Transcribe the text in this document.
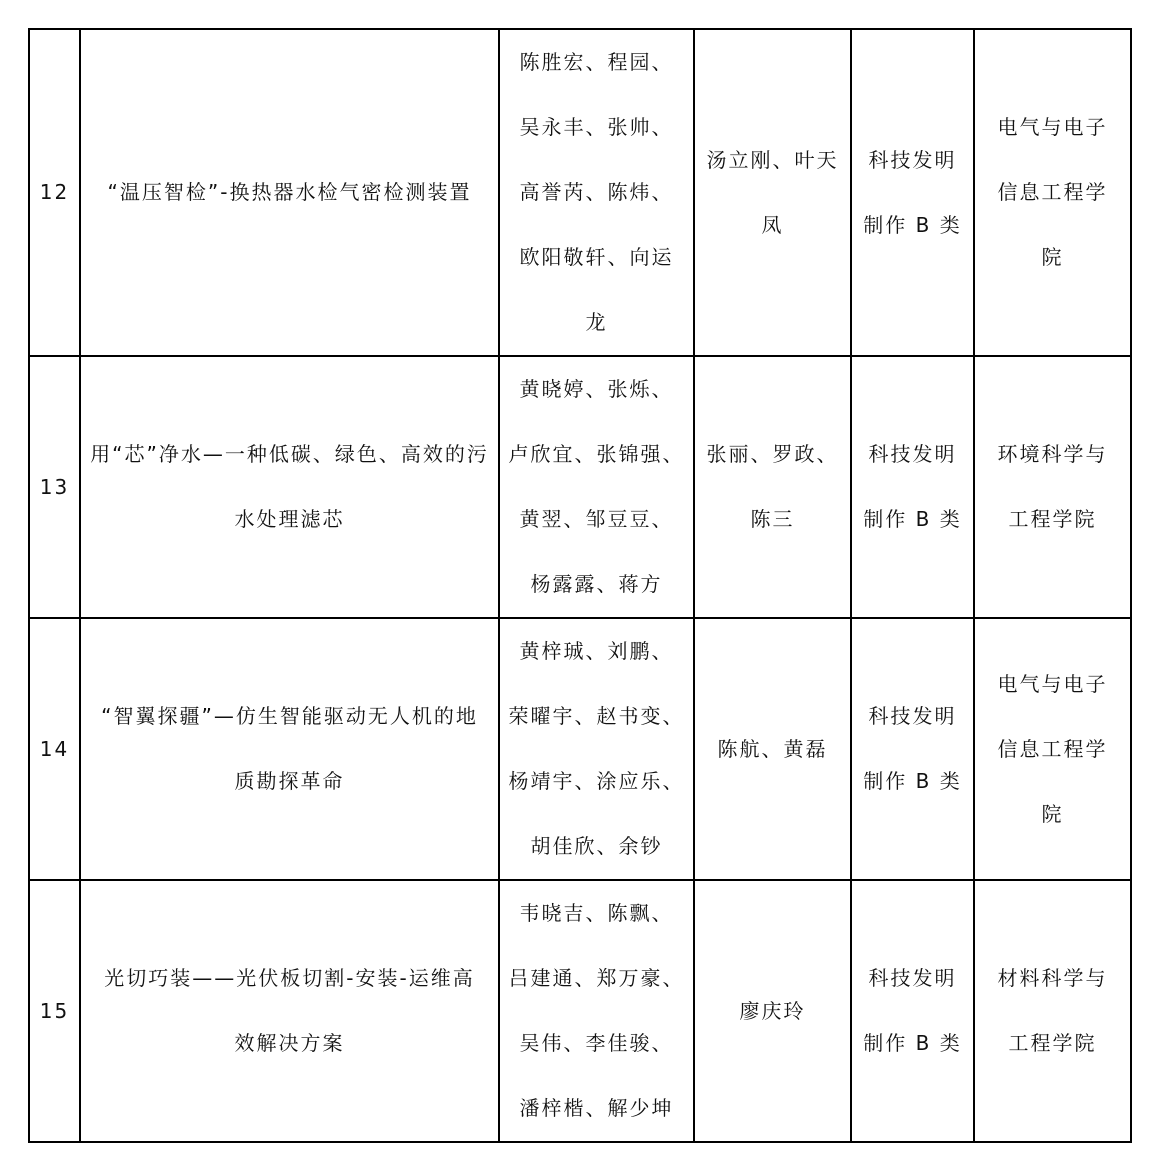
12	“温压智检”-换热器水检气密检测装置	陈胜宏、程园、
吴永丰、张帅、
高誉芮、陈炜、
欧阳敬轩、向运
龙	汤立刚、叶天
凤	科技发明
制作 B 类	电气与电子
信息工程学
院

13	用“芯”净水—一种低碳、绿色、高效的污
水处理滤芯	黄晓婷、张烁、
卢欣宜、张锦强、
黄翌、邹豆豆、
杨露露、蒋方	张丽、罗政、
陈三	科技发明
制作 B 类	环境科学与
工程学院

14	“智翼探疆”—仿生智能驱动无人机的地
质勘探革命	黄梓珹、刘鹏、
荣曜宇、赵书变、
杨靖宇、涂应乐、
胡佳欣、余钞	陈航、黄磊	科技发明
制作 B 类	电气与电子
信息工程学
院

15	光切巧装——光伏板切割-安装-运维高
效解决方案	韦晓吉、陈飘、
吕建通、郑万豪、
吴伟、李佳骏、
潘梓楷、解少坤	廖庆玲	科技发明
制作 B 类	材料科学与
工程学院
